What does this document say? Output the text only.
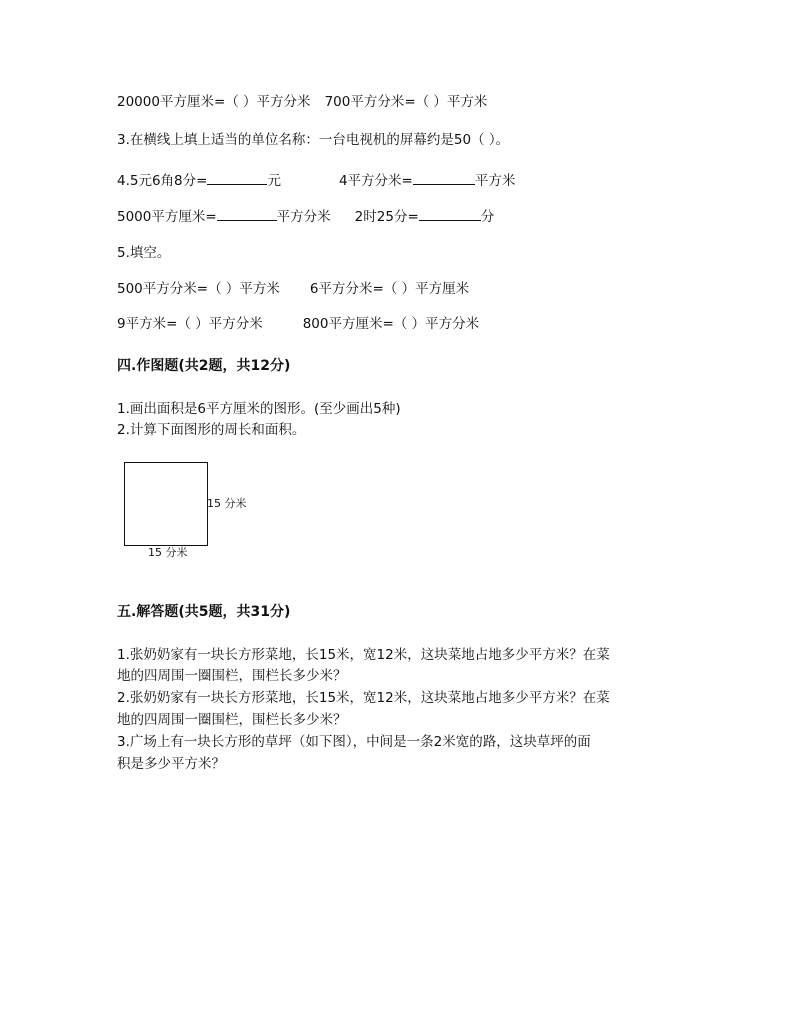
20000平方厘米=（ ）平方分米 700平方分米=（ ）平方米
3.在横线上填上适当的单位名称：一台电视机的屏幕约是50（ ）。
4.5元6角8分=	元	4平方分米=	平方米
5000平方厘米=	平方分米 2时25分=	分
5.填空。
500平方分米=（ ）平方米 6平方分米=（ ）平方厘米
9平方米=（ ）平方分米	800平方厘米=（ ）平方分米
四.作图题(共2题，共12分)
1.画出面积是6平方厘米的图形。(至少画出5种)
2.计算下面图形的周长和面积。
15 分米
15 分米
五.解答题(共5题，共31分)
1.张奶奶家有一块长方形菜地，长15米，宽12米，这块菜地占地多少平方米？在菜
地的四周围一圈围栏，围栏长多少米？
2.张奶奶家有一块长方形菜地，长15米，宽12米，这块菜地占地多少平方米？在菜
地的四周围一圈围栏，围栏长多少米？
3.广场上有一块长方形的草坪（如下图），中间是一条2米宽的路，这块草坪的面
积是多少平方米？
